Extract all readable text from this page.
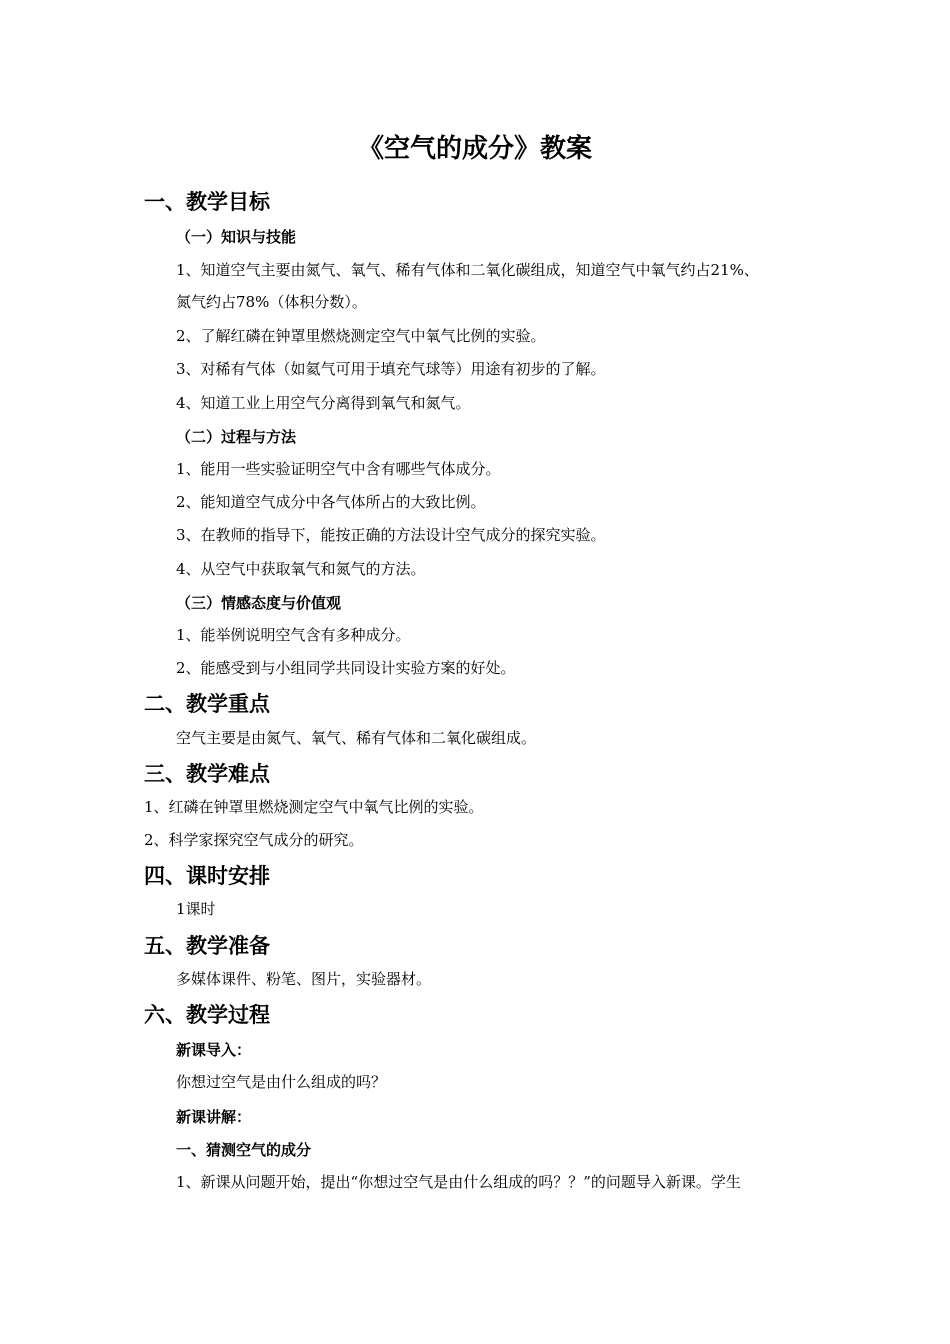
《空气的成分》教案
一、教学目标
（一）知识与技能
1、知道空气主要由氮气、氧气、稀有气体和二氧化碳组成，知道空气中氧气约占21%、
氮气约占78%（体积分数）。
2、了解红磷在钟罩里燃烧测定空气中氧气比例的实验。
3、对稀有气体（如氦气可用于填充气球等）用途有初步的了解。
4、知道工业上用空气分离得到氧气和氮气。
（二）过程与方法
1、能用一些实验证明空气中含有哪些气体成分。
2、能知道空气成分中各气体所占的大致比例。
3、在教师的指导下，能按正确的方法设计空气成分的探究实验。
4、从空气中获取氧气和氮气的方法。
（三）情感态度与价值观
1、能举例说明空气含有多种成分。
2、能感受到与小组同学共同设计实验方案的好处。
二、教学重点
空气主要是由氮气、氧气、稀有气体和二氧化碳组成。
三、教学难点
1、红磷在钟罩里燃烧测定空气中氧气比例的实验。
2、科学家探究空气成分的研究。
四、课时安排
1课时
五、教学准备
多媒体课件、粉笔、图片，实验器材。
六、教学过程
新课导入：
你想过空气是由什么组成的吗？
新课讲解：
一、猜测空气的成分
1、新课从问题开始，提出“你想过空气是由什么组成的吗？？”的问题导入新课。学生
